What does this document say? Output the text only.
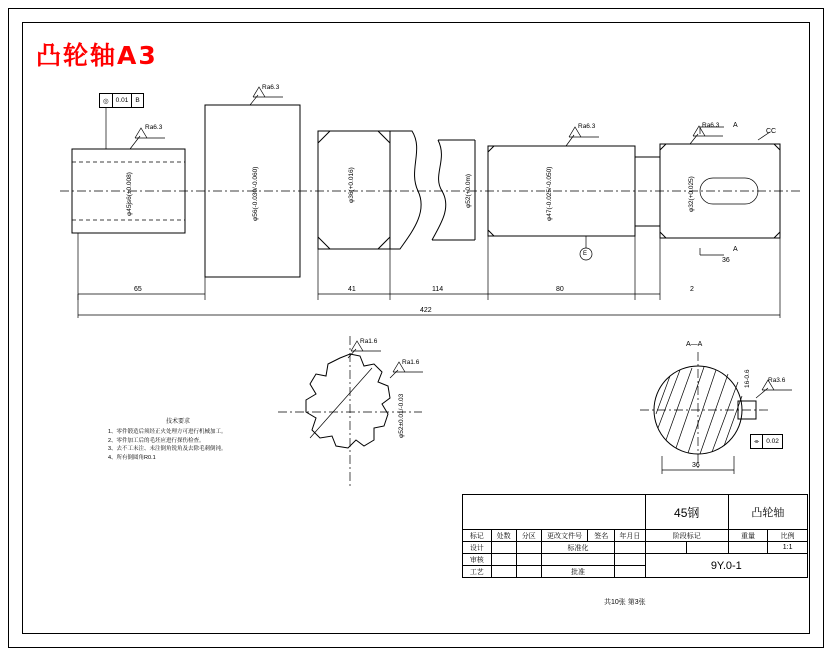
凸轮轴A3
Ra6.3
Ra6.3
Ra6.3	Ra6.3
Ra1.6
Ra1.6
Ra3.6
◎	0.01	B
⌯	0.02
A
A
A—A
CC
E
φ45js6(±0.008)	φ56(-0.030/-0.060)	φ36(+0.016)	φ52(+0.0m)	φ47(-0.025/-0.050)	φ32(+0.025)
φ52±0.01/-0.03
16-0.6
65	41	114	80	2
422
36
36
技术要求
1、零件锻造后须经正火处理方可进行机械加工。
2、零件加工后的毛坯应进行探伤检查。
3、去不工未注、未注倒角锐角及去除毛刺倒钝。
4、所有倒圆角R0.1

	45钢	凸轮轴

标记	处数	分区	更改文件号	签名	年月日	阶段标记	重量	比例
设计			标准化					1:1
审核					9Y.0-1
工艺			批准	
共10张 第3张
